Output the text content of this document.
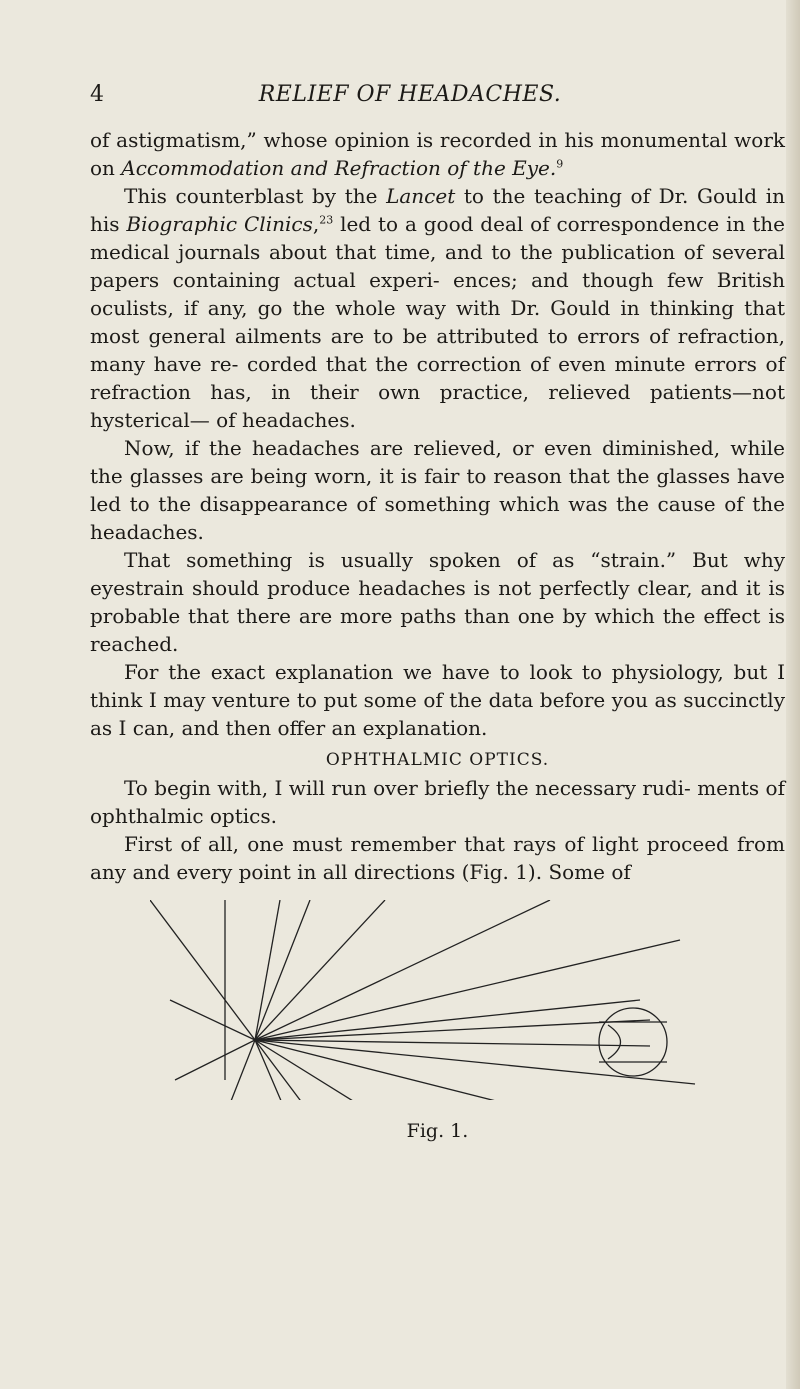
4	RELIEF OF HEADACHES.

of astigmatism,” whose opinion is recorded in his monumental work on Accommodation and Refraction of the Eye.$^9$

This counterblast by the Lancet to the teaching of Dr. Gould in his Biographic Clinics,$^{23}$ led to a good deal of correspondence in the medical journals about that time, and to the publication of several papers containing actual experi- ences; and though few British oculists, if any, go the whole way with Dr. Gould in thinking that most general ailments are to be attributed to errors of refraction, many have re- corded that the correction of even minute errors of refraction has, in their own practice, relieved patients—not hysterical— of headaches.

Now, if the headaches are relieved, or even diminished, while the glasses are being worn, it is fair to reason that the glasses have led to the disappearance of something which was the cause of the headaches.

That something is usually spoken of as “strain.” But why eyestrain should produce headaches is not perfectly clear, and it is probable that there are more paths than one by which the effect is reached.

For the exact explanation we have to look to physiology, but I think I may venture to put some of the data before you as succinctly as I can, and then offer an explanation.

OPHTHALMIC OPTICS.

To begin with, I will run over briefly the necessary rudi- ments of ophthalmic optics.

First of all, one must remember that rays of light proceed from any and every point in all directions (Fig. 1). Some of

Fig. 1.
